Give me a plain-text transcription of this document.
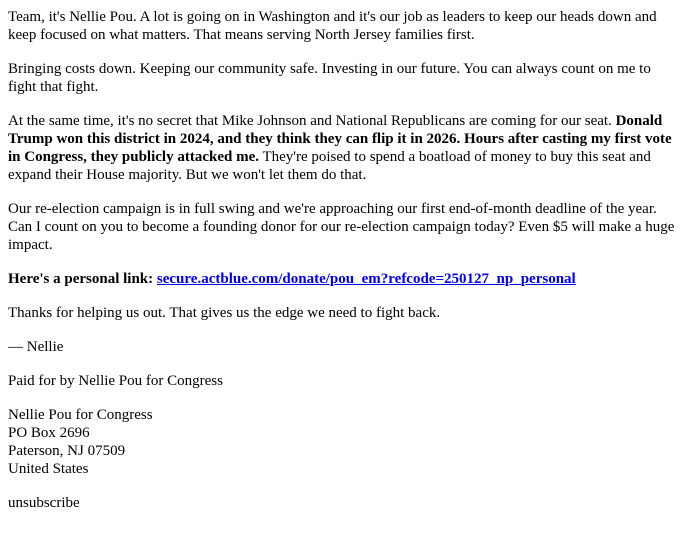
Team, it's Nellie Pou. A lot is going on in Washington and it's our job as leaders to keep our heads down and keep focused on what matters. That means serving North Jersey families first.

Bringing costs down. Keeping our community safe. Investing in our future. You can always count on me to fight that fight.

At the same time, it's no secret that Mike Johnson and National Republicans are coming for our seat. Donald Trump won this district in 2024, and they think they can flip it in 2026. Hours after casting my first vote in Congress, they publicly attacked me. They're poised to spend a boatload of money to buy this seat and expand their House majority. But we won't let them do that.

Our re-election campaign is in full swing and we're approaching our first end-of-month deadline of the year. Can I count on you to become a founding donor for our re-election campaign today? Even $5 will make a huge impact.

Here's a personal link: secure.actblue.com/donate/pou_em?refcode=250127_np_personal

Thanks for helping us out. That gives us the edge we need to fight back.

— Nellie

Paid for by Nellie Pou for Congress

Nellie Pou for Congress
PO Box 2696
Paterson, NJ 07509
United States

unsubscribe
